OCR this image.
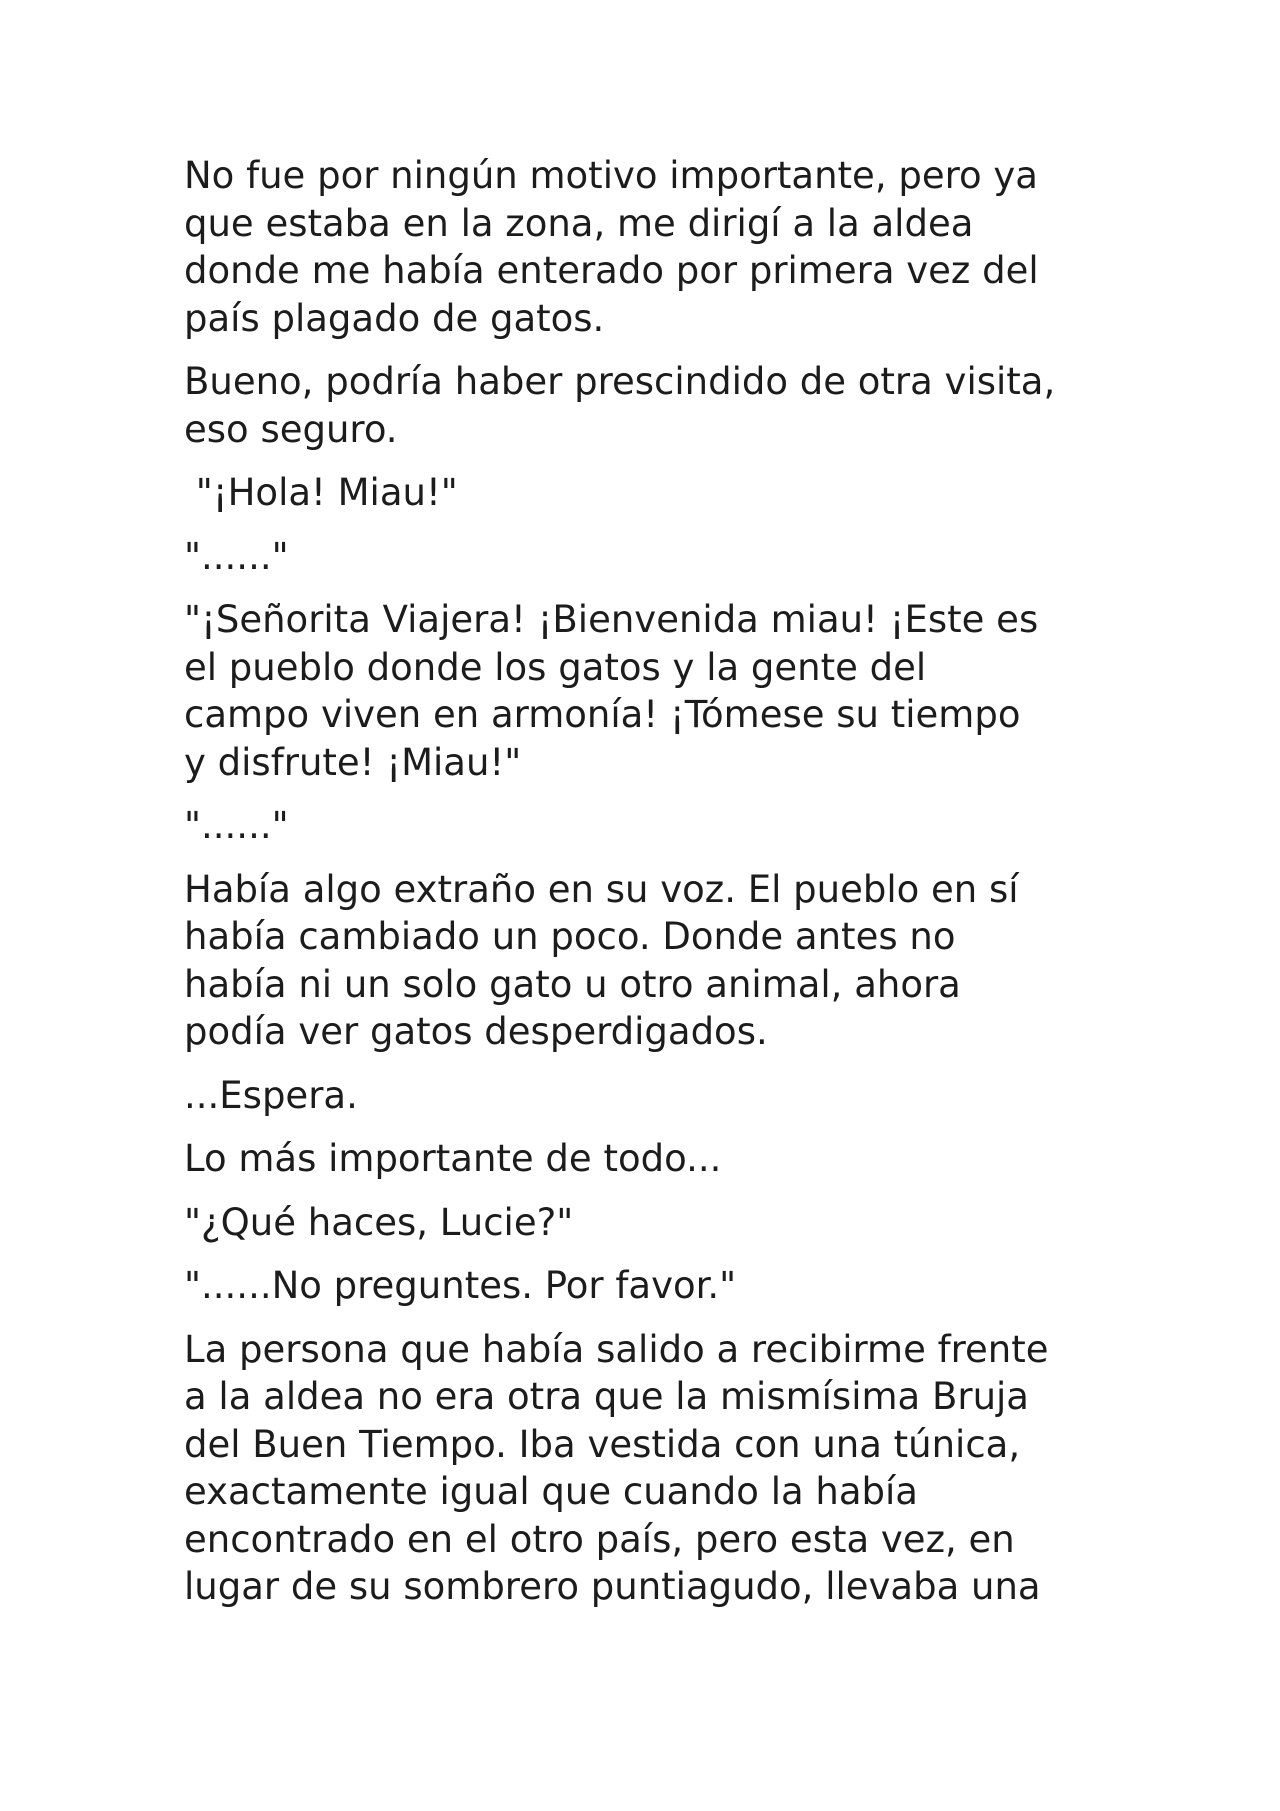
No fue por ningún motivo importante, pero ya
que estaba en la zona, me dirigí a la aldea
donde me había enterado por primera vez del
país plagado de gatos.

Bueno, podría haber prescindido de otra visita,
eso seguro.

"¡Hola! Miau!"

"......"

"¡Señorita Viajera! ¡Bienvenida miau! ¡Este es
el pueblo donde los gatos y la gente del
campo viven en armonía! ¡Tómese su tiempo
y disfrute! ¡Miau!"

"......"

Había algo extraño en su voz. El pueblo en sí
había cambiado un poco. Donde antes no
había ni un solo gato u otro animal, ahora
podía ver gatos desperdigados.

...Espera.

Lo más importante de todo...

"¿Qué haces, Lucie?"

"......No preguntes. Por favor."

La persona que había salido a recibirme frente
a la aldea no era otra que la mismísima Bruja
del Buen Tiempo. Iba vestida con una túnica,
exactamente igual que cuando la había
encontrado en el otro país, pero esta vez, en
lugar de su sombrero puntiagudo, llevaba una
